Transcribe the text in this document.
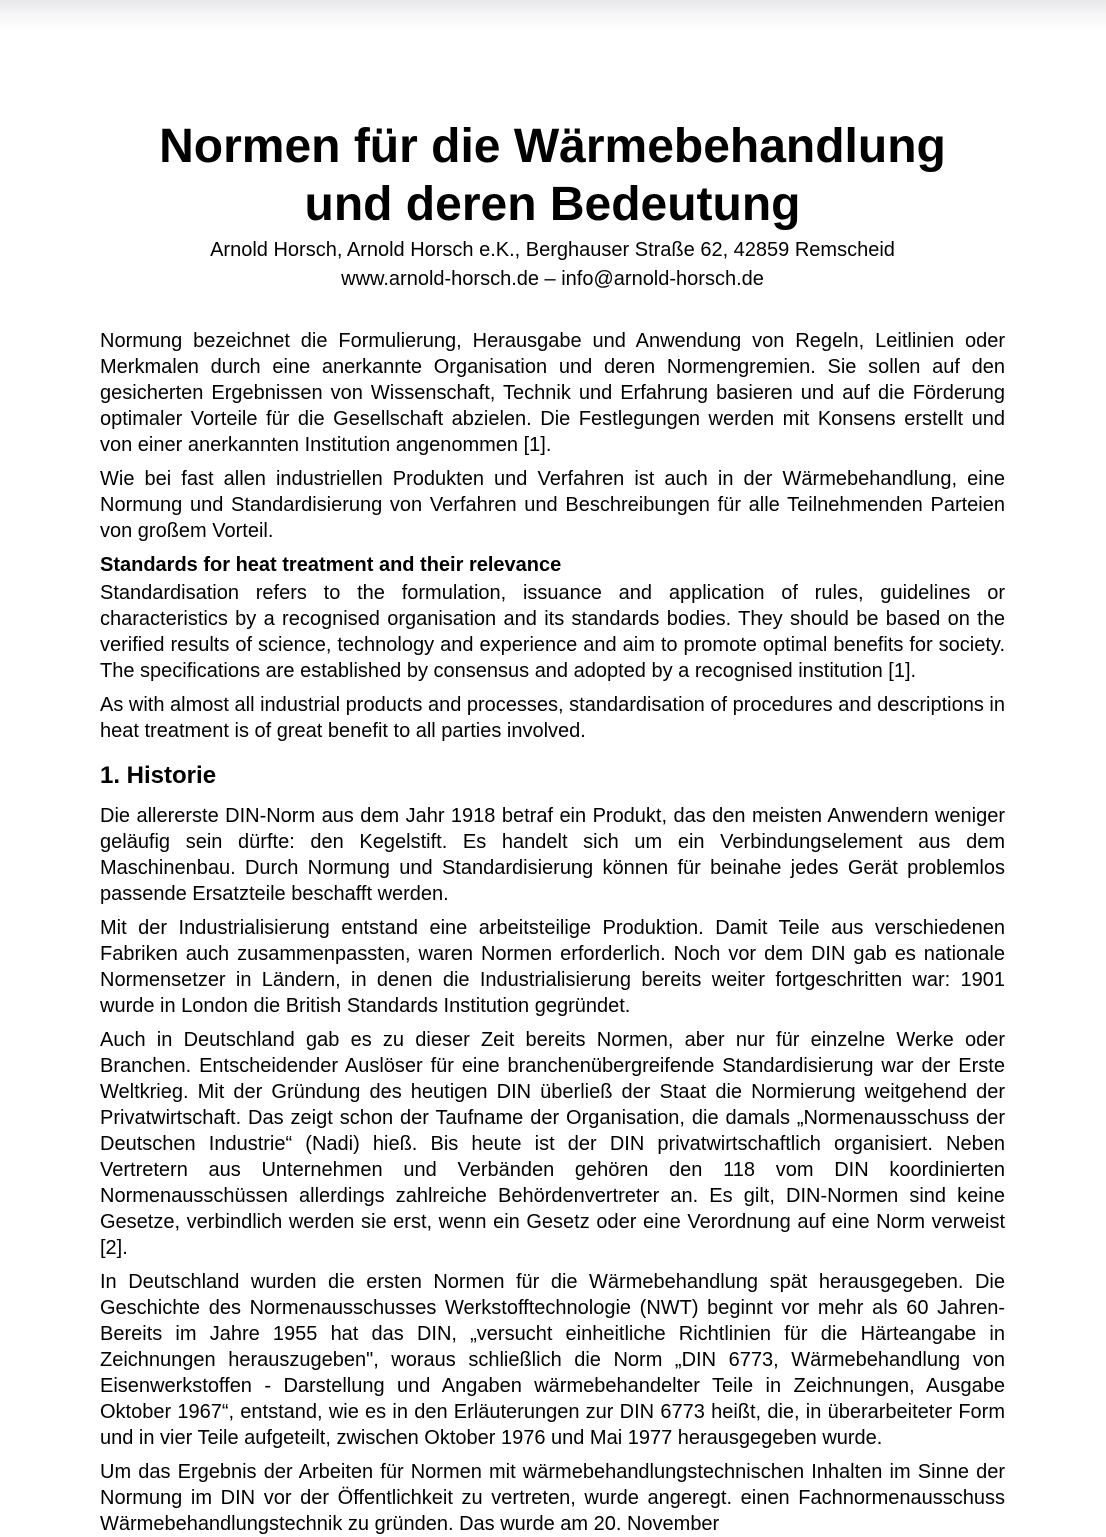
Normen für die Wärmebehandlung
und deren Bedeutung

Arnold Horsch, Arnold Horsch e.K., Berghauser Straße 62, 42859 Remscheid

www.arnold-horsch.de – info@arnold-horsch.de

Normung bezeichnet die Formulierung, Herausgabe und Anwendung von Regeln, Leitlinien oder Merkmalen durch eine anerkannte Organisation und deren Normengremien. Sie sollen auf den gesicherten Ergebnissen von Wissenschaft, Technik und Erfahrung basieren und auf die Förderung optimaler Vorteile für die Gesellschaft abzielen. Die Festlegungen werden mit Konsens erstellt und von einer anerkannten Institution angenommen [1].

Wie bei fast allen industriellen Produkten und Verfahren ist auch in der Wärmebehandlung, eine Normung und Standardisierung von Verfahren und Beschreibungen für alle Teilnehmenden Parteien von großem Vorteil.

Standards for heat treatment and their relevance

Standardisation refers to the formulation, issuance and application of rules, guidelines or characteristics by a recognised organisation and its standards bodies. They should be based on the verified results of science, technology and experience and aim to promote optimal benefits for society. The specifications are established by consensus and adopted by a recognised institution [1].

As with almost all industrial products and processes, standardisation of procedures and descriptions in heat treatment is of great benefit to all parties involved.

1. Historie

Die allererste DIN-Norm aus dem Jahr 1918 betraf ein Produkt, das den meisten Anwendern weniger geläufig sein dürfte: den Kegelstift. Es handelt sich um ein Verbindungselement aus dem Maschinenbau. Durch Normung und Standardisierung können für beinahe jedes Gerät problemlos passende Ersatzteile beschafft werden.

Mit der Industrialisierung entstand eine arbeitsteilige Produktion. Damit Teile aus verschiedenen Fabriken auch zusammenpassten, waren Normen erforderlich. Noch vor dem DIN gab es nationale Normensetzer in Ländern, in denen die Industrialisierung bereits weiter fortgeschritten war: 1901 wurde in London die British Standards Institution gegründet.

Auch in Deutschland gab es zu dieser Zeit bereits Normen, aber nur für einzelne Werke oder Branchen. Entscheidender Auslöser für eine branchenübergreifende Standardisierung war der Erste Weltkrieg. Mit der Gründung des heutigen DIN überließ der Staat die Normierung weitgehend der Privatwirtschaft. Das zeigt schon der Taufname der Organisation, die damals „Normenausschuss der Deutschen Industrie“ (Nadi) hieß. Bis heute ist der DIN privatwirtschaftlich organisiert. Neben Vertretern aus Unternehmen und Verbänden gehören den 118 vom DIN koordinierten Normenausschüssen allerdings zahlreiche Behördenvertreter an. Es gilt, DIN-Normen sind keine Gesetze, verbindlich werden sie erst, wenn ein Gesetz oder eine Verordnung auf eine Norm verweist [2].

In Deutschland wurden die ersten Normen für die Wärmebehandlung spät herausgegeben. Die Geschichte des Normenausschusses Werkstofftechnologie (NWT) beginnt vor mehr als 60 Jahren- Bereits im Jahre 1955 hat das DIN, „versucht einheitliche Richtlinien für die Härteangabe in Zeichnungen herauszugeben", woraus schließlich die Norm „DIN 6773, Wärmebehandlung von Eisenwerkstoffen - Darstellung und Angaben wärmebehandelter Teile in Zeichnungen, Ausgabe Oktober 1967“, entstand, wie es in den Erläuterungen zur DIN 6773 heißt, die, in überarbeiteter Form und in vier Teile aufgeteilt, zwischen Oktober 1976 und Mai 1977 herausgegeben wurde.

Um das Ergebnis der Arbeiten für Normen mit wärmebehandlungstechnischen Inhalten im Sinne der Normung im DIN vor der Öffentlichkeit zu vertreten, wurde angeregt. einen Fachnormenausschuss Wärmebehandlungstechnik zu gründen. Das wurde am 20. November
